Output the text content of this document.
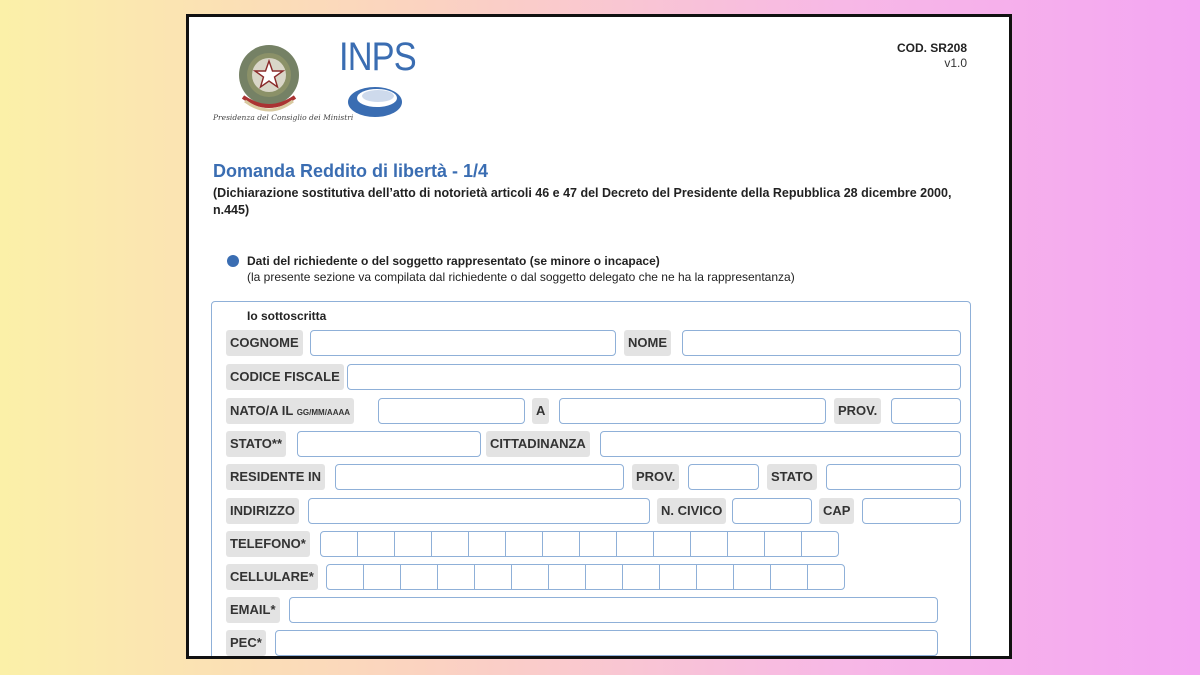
Presidenza del Consiglio dei Ministri
INPS	COD. SR208
v1.0
Domanda Reddito di libertà - 1/4
(Dichiarazione sostitutiva dell’atto di notorietà articoli 46 e 47 del Decreto del Presidente della Repubblica 28 dicembre 2000, n.445)
Dati del richiedente o del soggetto rappresentato (se minore o incapace)
(la presente sezione va compilata dal richiedente o dal soggetto delegato che ne ha la rappresentanza)
Io sottoscritta
COGNOME	NOME
CODICE FISCALE
NATO/A IL GG/MM/AAAA	A	PROV.
STATO**	CITTADINANZA
RESIDENTE IN	PROV.	STATO
INDIRIZZO	N. CIVICO	CAP
TELEFONO*
CELLULARE*
EMAIL*
PEC*
